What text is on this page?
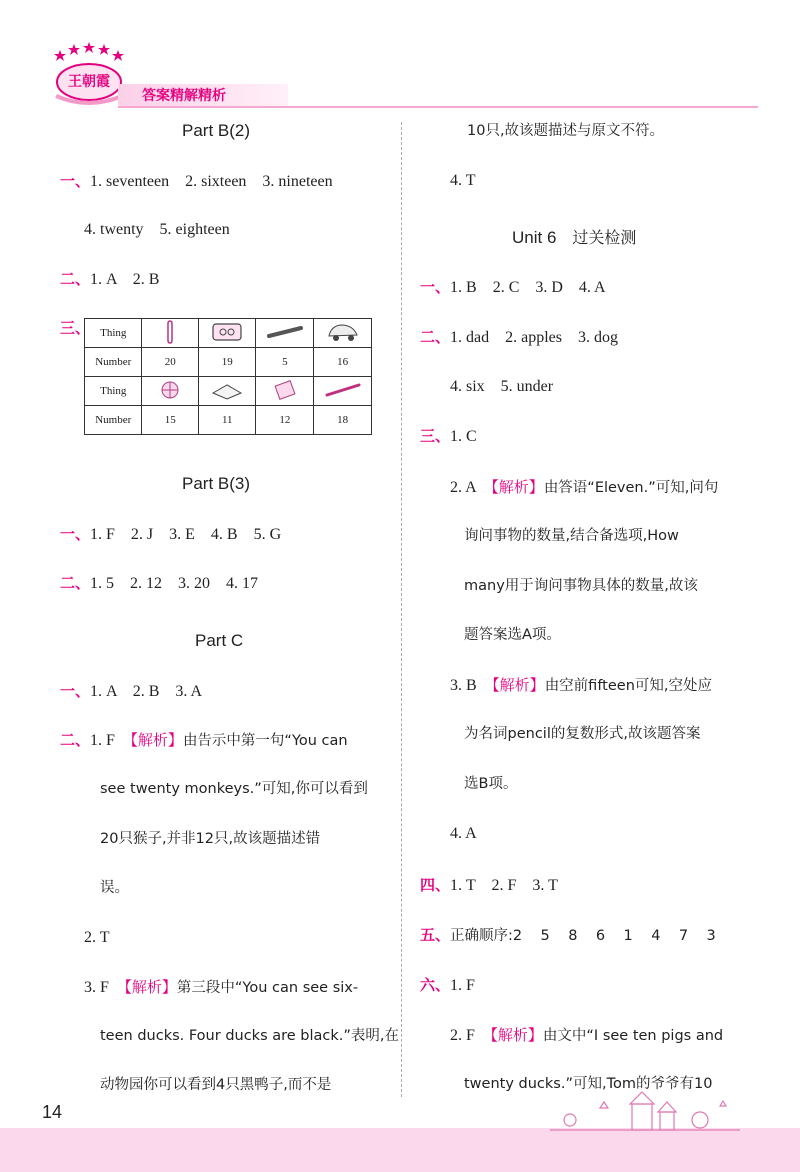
王朝霞
答案精解精析
Part B(2)
一、1. seventeen    2. sixteen    3. nineteen
4. twenty    5. eighteen
二、1. A    2. B
三、 Thing				
Number	20	19	5	16
Thing				
Number	15	11	12	18
Part B(3)
一、1. F    2. J    3. E    4. B    5. G
二、1. 5    2. 12    3. 20    4. 17
Part C
一、1. A    2. B    3. A
二、1. F  【解析】由告示中第一句“You can
see twenty monkeys.”可知,你可以看到
20只猴子,并非12只,故该题描述错
误。
2. T
3. F  【解析】第三段中“You can see six-
teen ducks. Four ducks are black.”表明,在
动物园你可以看到4只黑鸭子,而不是
10只,故该题描述与原文不符。
4. T
Unit 6 过关检测
一、1. B    2. C    3. D    4. A
二、1. dad    2. apples    3. dog
4. six    5. under
三、1. C
2. A  【解析】由答语“Eleven.”可知,问句
询问事物的数量,结合备选项,How
many用于询问事物具体的数量,故该
题答案选A项。
3. B  【解析】由空前fifteen可知,空处应
为名词pencil的复数形式,故该题答案
选B项。
4. A
四、1. T    2. F    3. T
五、正确顺序:2    5    8    6    1    4    7    3
六、1. F
2. F  【解析】由文中“I see ten pigs and
twenty ducks.”可知,Tom的爷爷有10
14
